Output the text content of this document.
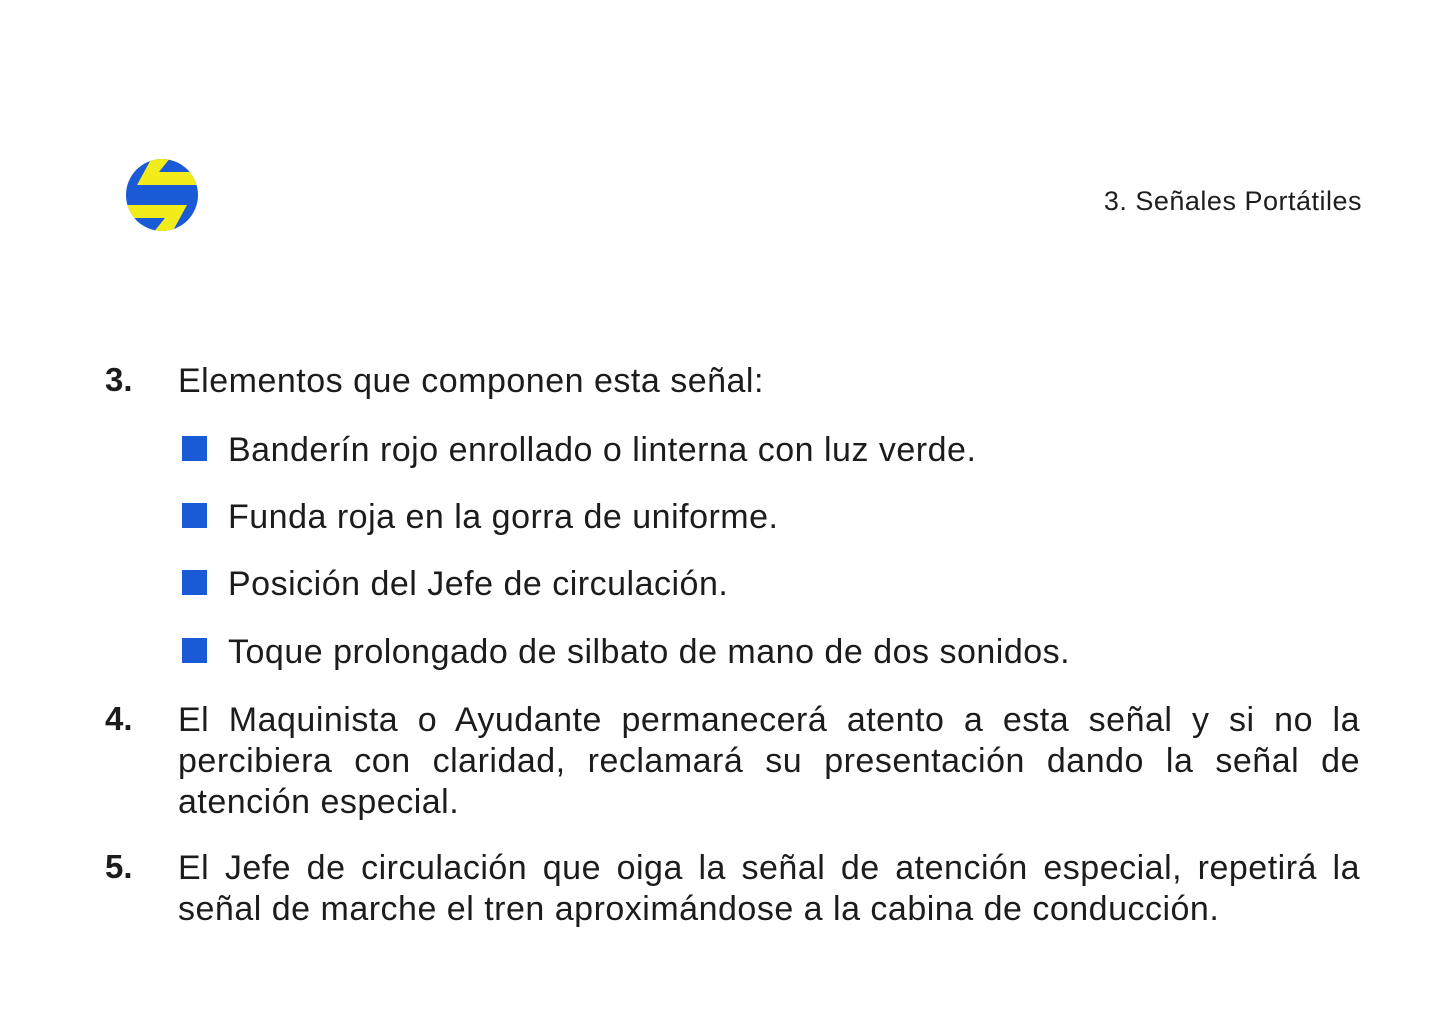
3. Señales Portátiles
3. Elementos que componen esta señal:
Banderín rojo enrollado o linterna con luz verde.
Funda roja en la gorra de uniforme.
Posición del Jefe de circulación.
Toque prolongado de silbato de mano de dos sonidos.
4. El Maquinista o Ayudante permanecerá atento a esta señal y si no la percibiera con claridad, reclamará su presentación dando la señal de atención especial.
5. El Jefe de circulación que oiga la señal de atención especial, repetirá la señal de marche el tren aproximándose a la cabina de conducción.
